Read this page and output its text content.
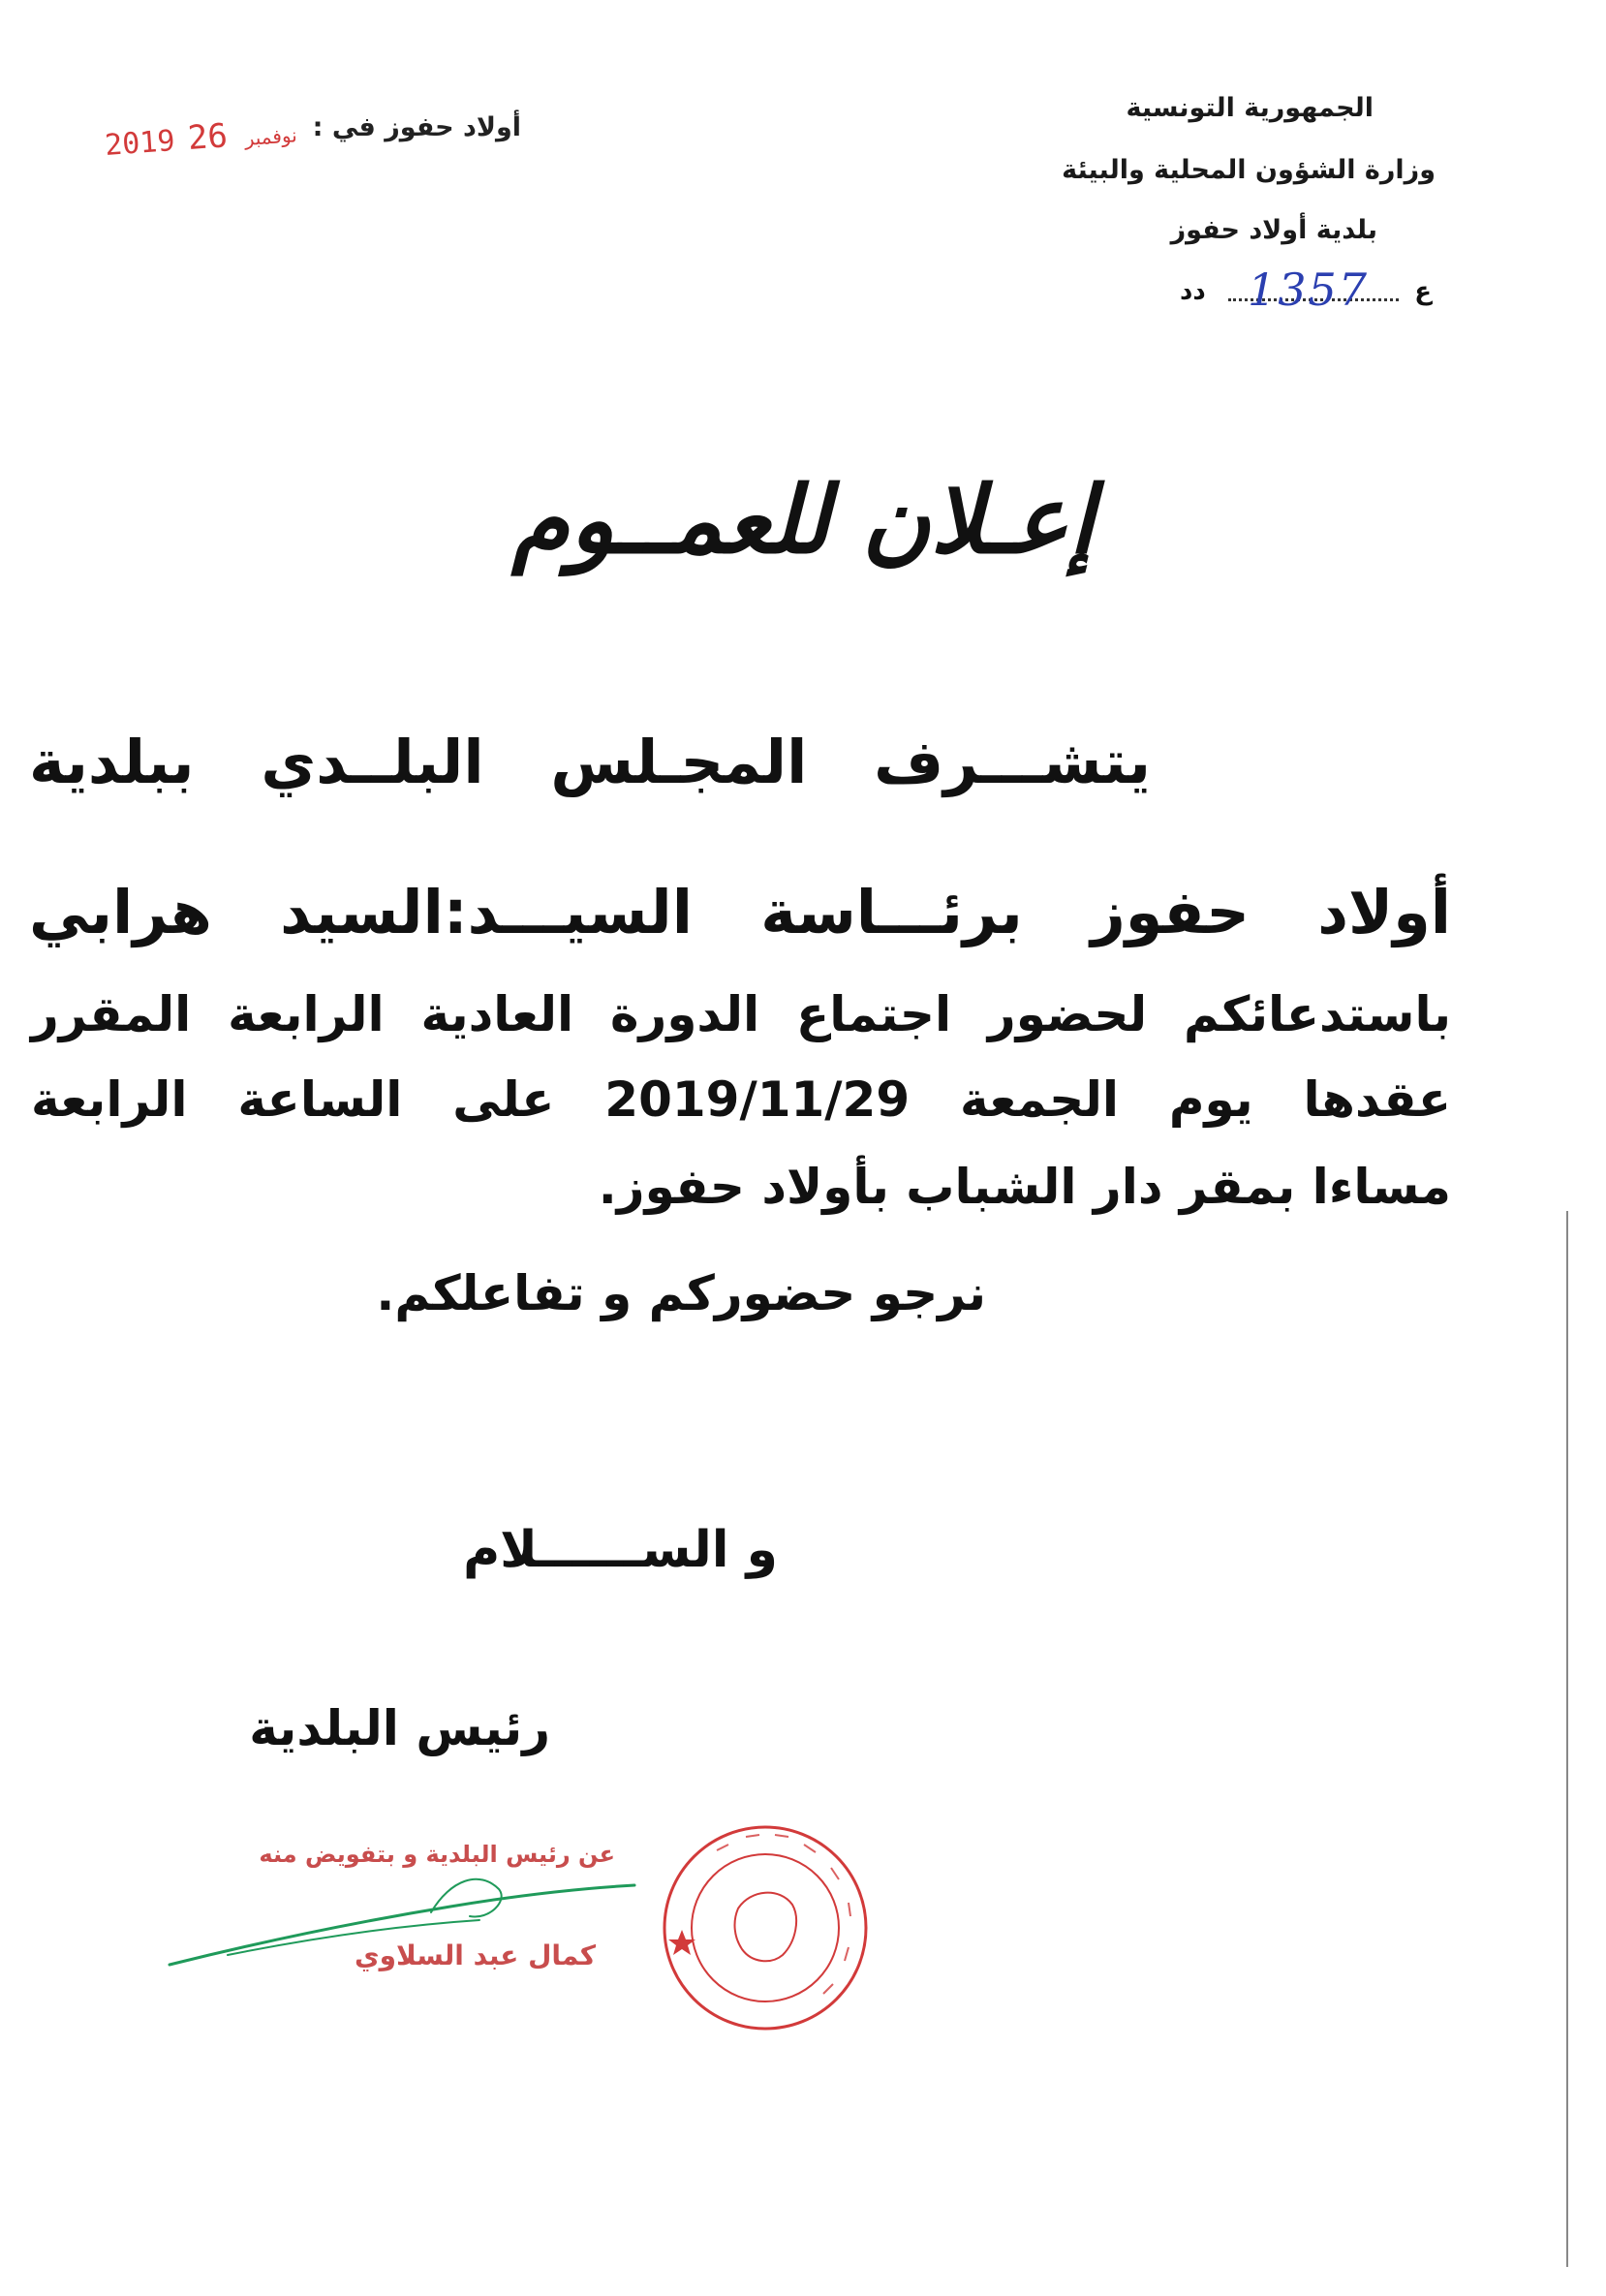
الجمهورية التونسية
وزارة الشؤون المحلية والبيئة
بلدية أولاد حفوز
ع
1357
دد
أولاد حفوز في :
2019	نوفمبر 26
إعـلان للعمــوم
يتشـــرف المجـلس البلــدي ببلدية
أولاد حفوز برئـــاسة السيـــد:السيد هرابي
باستدعائكم لحضور اجتماع الدورة العادية الرابعة المقرر
عقدها يوم الجمعة 2019/11/29 على الساعة الرابعة
مساءا بمقر دار الشباب بأولاد حفوز.
نرجو حضوركم و تفاعلكم.
و الســــــلام
رئيس البلدية
عن رئيس البلدية و بتفويض منه
كمال عبد السلاوي
